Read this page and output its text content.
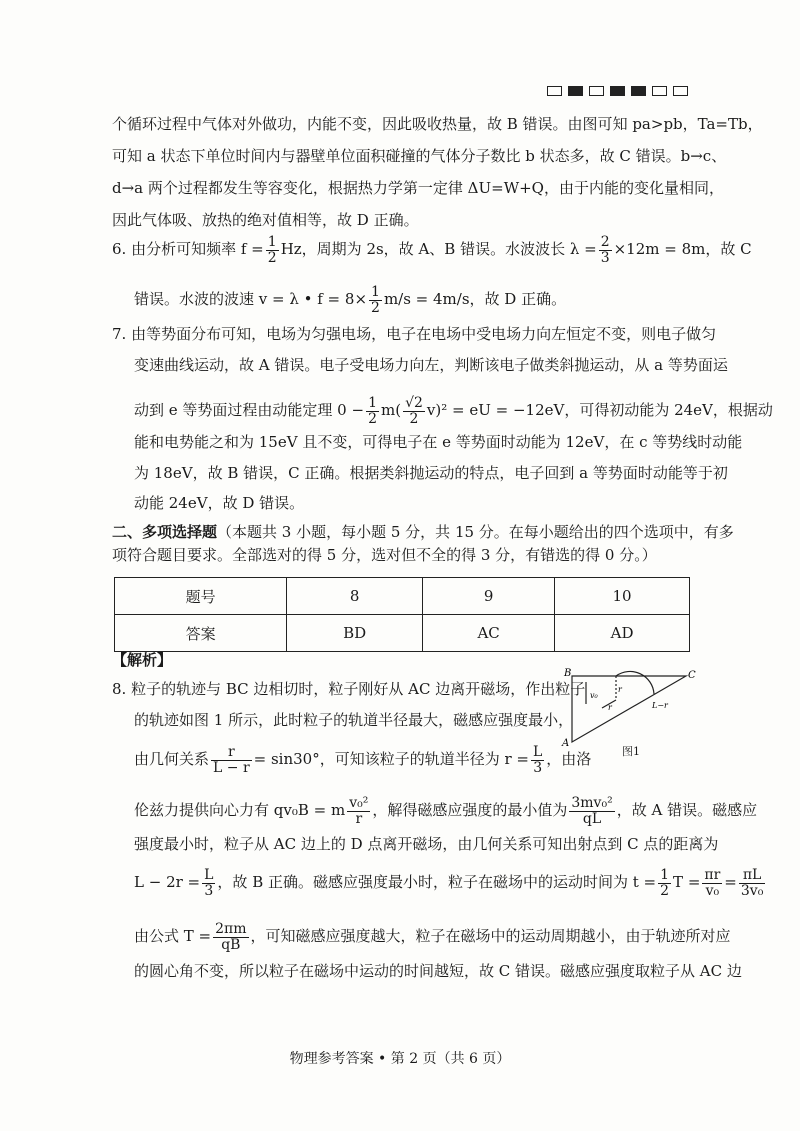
个循环过程中气体对外做功，内能不变，因此吸收热量，故 B 错误。由图可知 pa>pb，Ta=Tb，
可知 a 状态下单位时间内与器壁单位面积碰撞的气体分子数比 b 状态多，故 C 错误。b→c、
d→a 两个过程都发生等容变化，根据热力学第一定律 ΔU=W+Q，由于内能的变化量相同，
因此气体吸、放热的绝对值相等，故 D 正确。
6. 由分析可知频率 $f = \frac{1}{2}$ Hz，周期为 2s，故 A、B 错误。水波波长 $\lambda = \frac{2}{3} \times 12m = 8m$，故 C
错误。水波的波速 v = λ • $f = 8\times \frac{1}{2} m/s = 4m/s$，故 D 正确。
7. 由等势面分布可知，电场为匀强电场，电子在电场中受电场力向左恒定不变，则电子做匀
变速曲线运动，故 A 错误。电子受电场力向左，判断该电子做类斜抛运动，从 a 等势面运
动到 e 等势面过程由动能定理 $0 - \frac{1}{2} m( \frac{√2}{2} v)^2$ = eU = −12eV，可得初动能为 24eV，根据动
能和电势能之和为 15eV 且不变，可得电子在 e 等势面时动能为 12eV，在 c 等势线时动能
为 18eV，故 B 错误，C 正确。根据类斜抛运动的特点，电子回到 a 等势面时动能等于初
动能 24eV，故 D 错误。
二、多项选择题（本题共 3 小题，每小题 5 分，共 15 分。在每小题给出的四个选项中，有多
项符合题目要求。全部选对的得 5 分，选对但不全的得 3 分，有错选的得 0 分。）
题号	8	9	10
答案	BD	AC	AD
【解析】
8. 粒子的轨迹与 BC 边相切时，粒子刚好从 AC 边离开磁场，作出粒子
的轨迹如图 1 所示，此时粒子的轨道半径最大，磁感应强度最小，
由几何关系 $\frac{r}{L - r} = \sin 30^\circ$，可知该粒子的轨道半径为 $r = \frac{L}{3}$ ，由洛
伦兹力提供向心力有 qv₀B = m $\frac{\text{v₀²}}{r}$ ，解得磁感应强度的最小值为 $\frac{\text{3mv₀²}}{qL}$ ，故 A 错误。磁感应
强度最小时，粒子从 AC 边上的 D 点离开磁场，由几何关系可知出射点到 C 点的距离为
$L - 2r = \frac{L}{3}$ ，故 B 正确。磁感应强度最小时，粒子在磁场中的运动时间为 $t = \frac{1}{2}$ $T = \frac{\pi r}{\text{v₀}} = \frac{\pi L}{\text{3v₀}}$
由公式 $T = \frac{2\pi m}{qB}$ ，可知磁感应强度越大，粒子在磁场中的运动周期越小，由于轨迹所对应
的圆心角不变，所以粒子在磁场中运动的时间越短，故 C 错误。磁感应强度取粒子从 AC 边
B	C
A
v₀
r
r	L−r
图1
物理参考答案 • 第 2 页（共 6 页）
